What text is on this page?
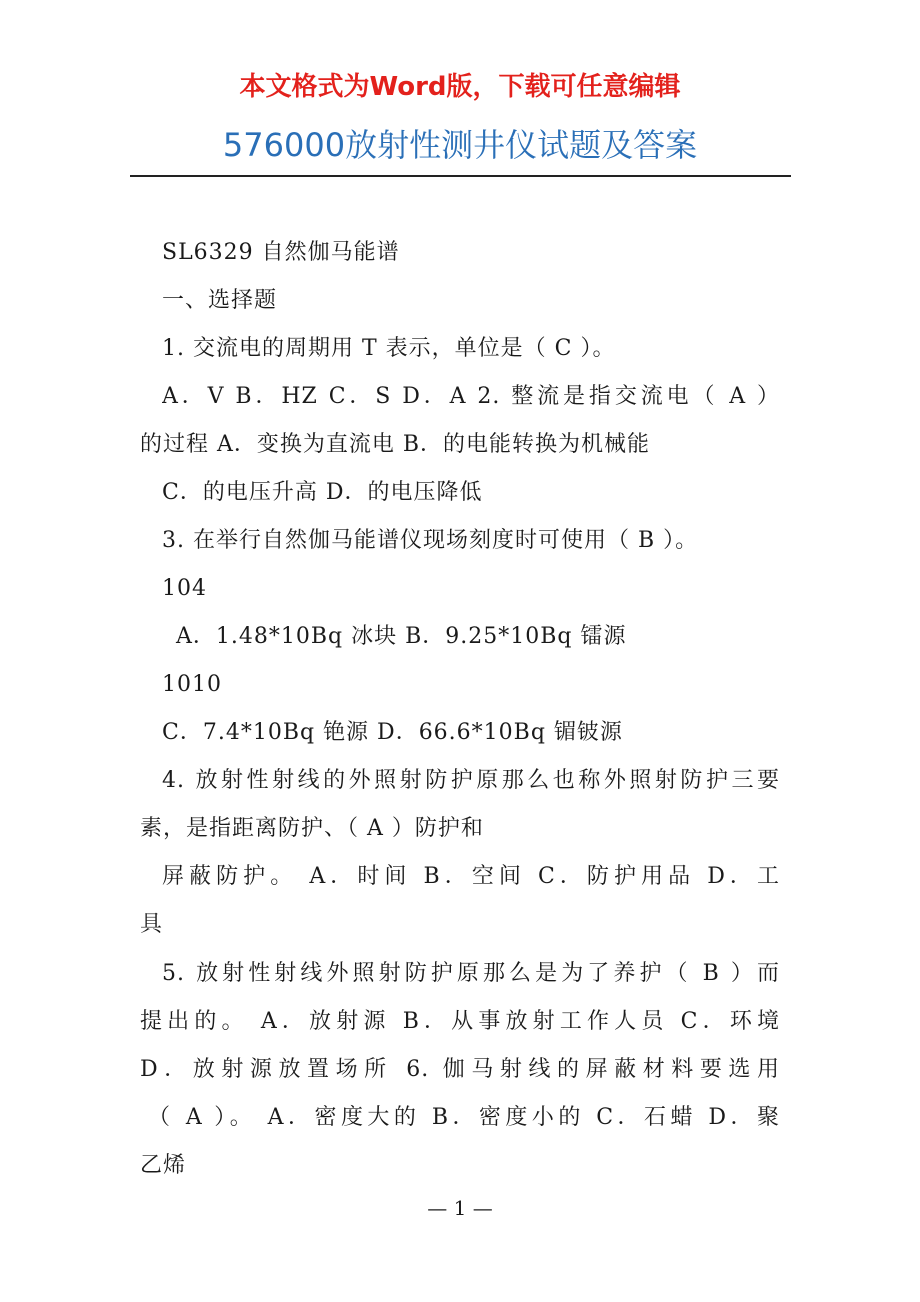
本文格式为Word版，下载可任意编辑
576000放射性测井仪试题及答案
SL6329 自然伽马能谱
一、选择题
1. 交流电的周期用 T 表示，单位是（ C ）。
A．V B．HZ C．S D．A 2. 整流是指交流电（ A ）
的过程 A．变换为直流电 B．的电能转换为机械能
C．的电压升高 D．的电压降低
3. 在举行自然伽马能谱仪现场刻度时可使用（ B ）。
104
A．1.48*10Bq 冰块 B．9.25*10Bq 镭源
1010
C．7.4*10Bq 铯源 D．66.6*10Bq 镅铍源
4. 放射性射线的外照射防护原那么也称外照射防护三要
素，是指距离防护、（ A ）防护和
屏蔽防护。 A．时间 B．空间 C．防护用品 D．工
具
5. 放射性射线外照射防护原那么是为了养护（ B ）而
提出的。 A．放射源 B．从事放射工作人员 C．环境
D．放射源放置场所 6. 伽马射线的屏蔽材料要选用
（ A ）。 A．密度大的 B．密度小的 C．石蜡 D．聚
乙烯
— 1 —
